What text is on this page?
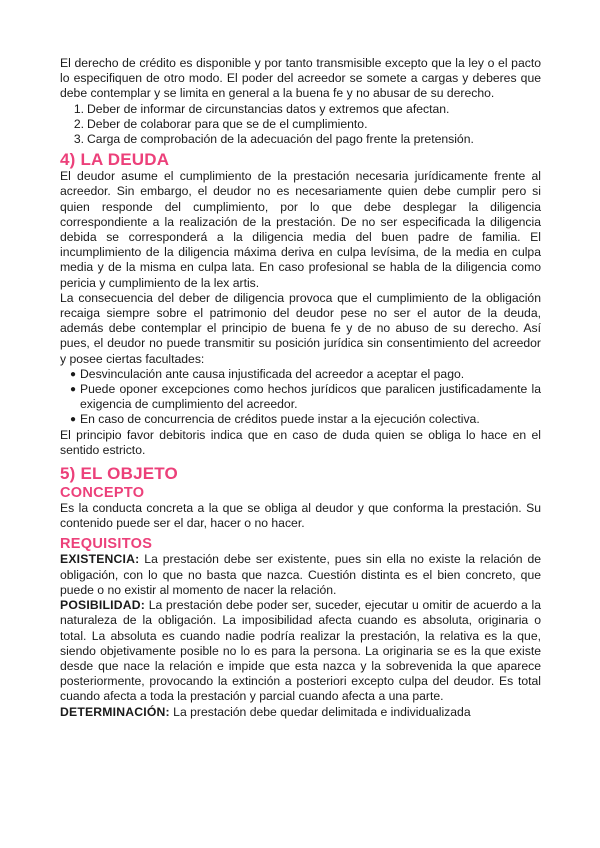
El derecho de crédito es disponible y por tanto transmisible excepto que la ley o el pacto lo especifiquen de otro modo. El poder del acreedor se somete a cargas y deberes que debe contemplar y se limita en general a la buena fe y no abusar de su derecho.

1. Deber de informar de circunstancias datos y extremos que afectan.
2. Deber de colaborar para que se de el cumplimiento.
3. Carga de comprobación de la adecuación del pago frente la pretensión.
4) LA DEUDA

El deudor asume el cumplimiento de la prestación necesaria jurídicamente frente al acreedor. Sin embargo, el deudor no es necesariamente quien debe cumplir pero si quien responde del cumplimiento, por lo que debe desplegar la diligencia correspondiente a la realización de la prestación. De no ser especificada la diligencia debida se corresponderá a la diligencia media del buen padre de familia. El incumplimiento de la diligencia máxima deriva en culpa levísima, de la media en culpa media y de la misma en culpa lata. En caso profesional se habla de la diligencia como pericia y cumplimiento de la lex artis.

La consecuencia del deber de diligencia provoca que el cumplimiento de la obligación recaiga siempre sobre el patrimonio del deudor pese no ser el autor de la deuda, además debe contemplar el principio de buena fe y de no abuso de su derecho. Así pues, el deudor no puede transmitir su posición jurídica sin consentimiento del acreedor y posee ciertas facultades:

● Desvinculación ante causa injustificada del acreedor a aceptar el pago.
● Puede oponer excepciones como hechos jurídicos que paralicen justificadamente la exigencia de cumplimiento del acreedor.
● En caso de concurrencia de créditos puede instar a la ejecución colectiva.

El principio favor debitoris indica que en caso de duda quien se obliga lo hace en el sentido estricto.

5) EL OBJETO
CONCEPTO

Es la conducta concreta a la que se obliga al deudor y que conforma la prestación. Su contenido puede ser el dar, hacer o no hacer.

REQUISITOS

EXISTENCIA: La prestación debe ser existente, pues sin ella no existe la relación de obligación, con lo que no basta que nazca. Cuestión distinta es el bien concreto, que puede o no existir al momento de nacer la relación.

POSIBILIDAD: La prestación debe poder ser, suceder, ejecutar u omitir de acuerdo a la naturaleza de la obligación. La imposibilidad afecta cuando es absoluta, originaria o total. La absoluta es cuando nadie podría realizar la prestación, la relativa es la que, siendo objetivamente posible no lo es para la persona. La originaria se es la que existe desde que nace la relación e impide que esta nazca y la sobrevenida la que aparece posteriormente, provocando la extinción a posteriori excepto culpa del deudor. Es total cuando afecta a toda la prestación y parcial cuando afecta a una parte.

DETERMINACIÓN: La prestación debe quedar delimitada e individualizada
